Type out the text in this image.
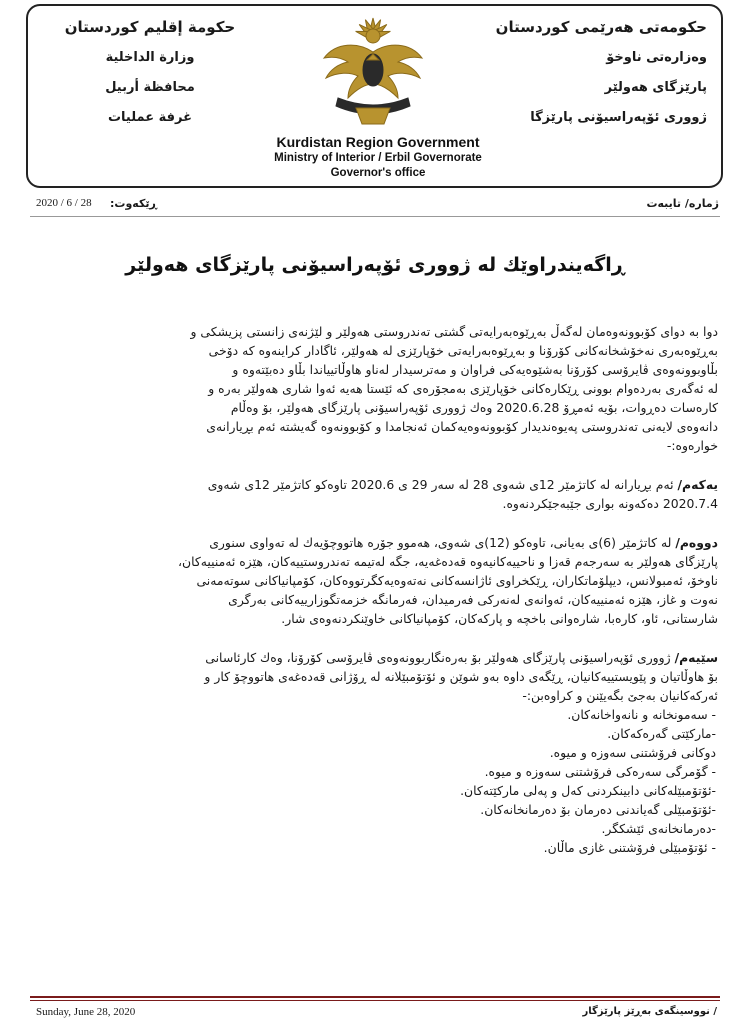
حکومەتی هەرێمی کوردستان
وەزارەتی ناوخۆ
پارێزگای هەولێر
ژووری ئۆپەراسیۆنی پارێزگا
حكومة إقليم كوردستان
وزارة الداخلية
محافظة أربيل
غرفة عمليات
Kurdistan Region Government
Ministry of Interior / Erbil Governorate
Governor's office
ژمارە/ تایبەت
ڕێکەوت:
2020 / 6 / 28
ڕاگەیندراوێك لە ژووری ئۆپەراسیۆنی پارێزگای هەولێر

دوا بە دوای کۆبوونەوەمان لەگەڵ بەڕێوەبەرایەتی گشتی تەندروستی هەولێر و لێژنەی زانستی پزیشکی و

بەڕێوەبەری نەخۆشخانەکانی کۆرۆنا و بەڕێوەبەرایەتی خۆپارێزی لە هەولێر، ئاگادار کراینەوە کە دۆخی

بڵاوبوونەوەی ڤایرۆسی کۆرۆنا بەشێوەیەکی فراوان و مەترسیدار لەناو هاوڵاتییاندا بڵاو دەبێتەوە و

لە ئەگەری بەردەوام بوونی ڕێکارەکانی خۆپارێزی بەمجۆرەی کە ئێستا هەیە ئەوا شاری هەولێر بەرە و

کارەسات دەڕوات، بۆیە ئەمڕۆ 2020.6.28 وەك ژووری ئۆپەراسیۆنی پارێزگای هەولێر، بۆ وەڵام

دانەوەی لایەنی تەندروستی پەیوەندیدار کۆبوونەوەیەکمان ئەنجامدا و کۆبوونەوە گەیشتە ئەم بڕیارانەی

خوارەوە:-

یەکەم/ ئەم بڕیارانە لە کاتژمێر 12ی شەوی 28 لە سەر 29 ی 2020.6 تاوەکو کاتژمێر 12ی شەوی

2020.7.4 دەکەونە بواری جێبەجێکردنەوە.

دووەم/ لە کاتژمێر (6)ی بەیانی، تاوەکو (12)ی شەوی، هەموو جۆرە هاتووچۆیەك لە تەواوی سنوری

پارێزگای هەولێر بە سەرجەم قەزا و ناحییەکانیەوە قەدەغەیە، جگە لەتیمە تەندروستییەکان، هێزە ئەمنییەکان،

ناوخۆ، ئەمبولانس، دیپلۆماتکاران، ڕێکخراوی ئاژانسەکانی نەتەوەیەکگرتووەکان، کۆمپانیاکانی سوتەمەنی

نەوت و غاز، هێزە ئەمنییەکان، ئەوانەی لەنەرکی فەرمیدان، فەرمانگە خزمەتگوزارییەکانی بەرگری

شارستانی، ئاو، کارەبا، شارەوانی باخچە و پارکەکان، کۆمپانیاکانی خاوێنکردنەوەی شار.

سێیەم/ ژووری ئۆپەراسیۆنی پارێزگای هەولێر بۆ بەرەنگاربوونەوەی ڤایرۆسی کۆرۆنا، وەك کارئاسانی

بۆ هاوڵاتیان و پێویستییەکانیان، ڕێگەی داوە بەو شوێن و ئۆتۆمبێلانە لە ڕۆژانی قەدەغەی هاتووچۆ کار و

ئەرکەکانیان بەجێ بگەیێنن و کراوەبن:-

- سەمونخانە و نانەواخانەکان.

-مارکێتی گەرەکەکان.

دوکانی فرۆشتنی سەوزە و میوە.

- گۆمرگی سەرەکی فرۆشتنی سەوزە و میوە.

-ئۆتۆمبێلەکانی دابینکردنی کەل و پەلی مارکێتەکان.

-ئۆتۆمبێلی گەیاندنی دەرمان بۆ دەرمانخانەکان.

-دەرمانخانەی ئێشکگر.

- ئۆتۆمبێلی فرۆشتنی غازی ماڵان.

Sunday, June 28, 2020	/ نووسینگەی بەڕێز پارێزگار
